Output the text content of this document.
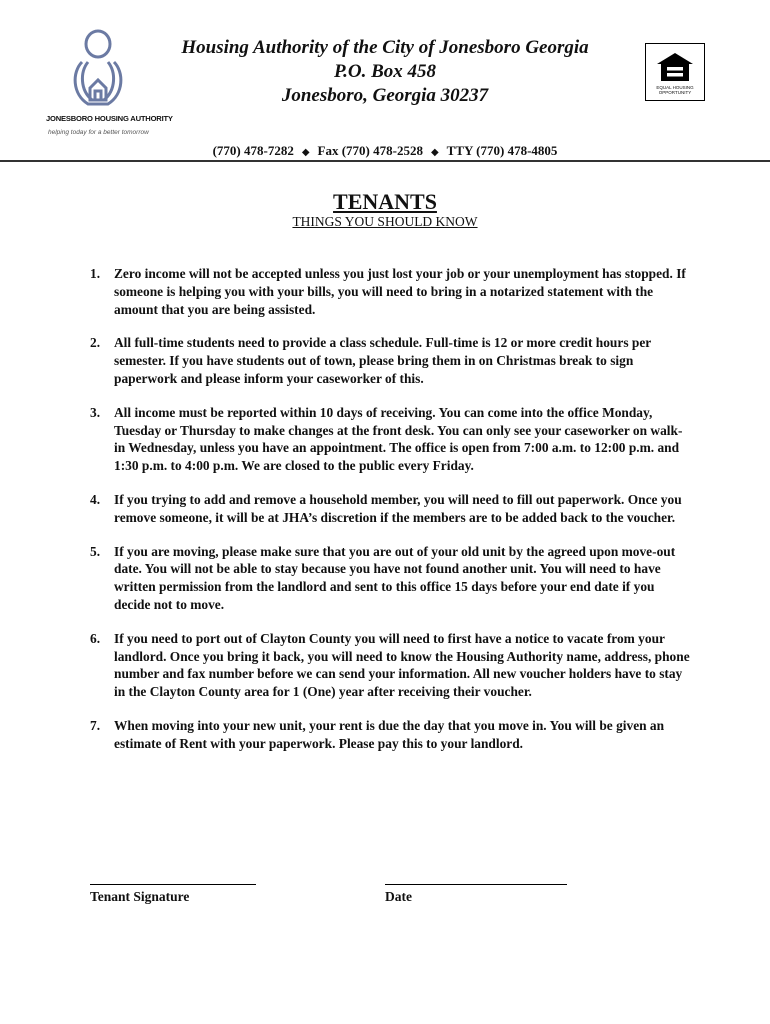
JONESBORO HOUSING AUTHORITY
helping today for a better tomorrow
Housing Authority of the City of Jonesboro Georgia
P.O. Box 458
Jonesboro, Georgia 30237	EQUAL HOUSING OPPORTUNITY
(770) 478-7282 ◆ Fax (770) 478-2528 ◆ TTY (770) 478-4805
TENANTS
THINGS YOU SHOULD KNOW
1. Zero income will not be accepted unless you just lost your job or your unemployment has stopped. If someone is helping you with your bills, you will need to bring in a notarized statement with the amount that you are being assisted.
2. All full-time students need to provide a class schedule. Full-time is 12 or more credit hours per semester. If you have students out of town, please bring them in on Christmas break to sign paperwork and please inform your caseworker of this.
3. All income must be reported within 10 days of receiving. You can come into the office Monday, Tuesday or Thursday to make changes at the front desk. You can only see your caseworker on walk-in Wednesday, unless you have an appointment. The office is open from 7:00 a.m. to 12:00 p.m. and 1:30 p.m. to 4:00 p.m. We are closed to the public every Friday.
4. If you trying to add and remove a household member, you will need to fill out paperwork. Once you remove someone, it will be at JHA’s discretion if the members are to be added back to the voucher.
5. If you are moving, please make sure that you are out of your old unit by the agreed upon move-out date. You will not be able to stay because you have not found another unit. You will need to have written permission from the landlord and sent to this office 15 days before your end date if you decide not to move.
6. If you need to port out of Clayton County you will need to first have a notice to vacate from your landlord. Once you bring it back, you will need to know the Housing Authority name, address, phone number and fax number before we can send your information. All new voucher holders have to stay in the Clayton County area for 1 (One) year after receiving their voucher.
7. When moving into your new unit, your rent is due the day that you move in. You will be given an estimate of Rent with your paperwork. Please pay this to your landlord.
Tenant Signature	Date
